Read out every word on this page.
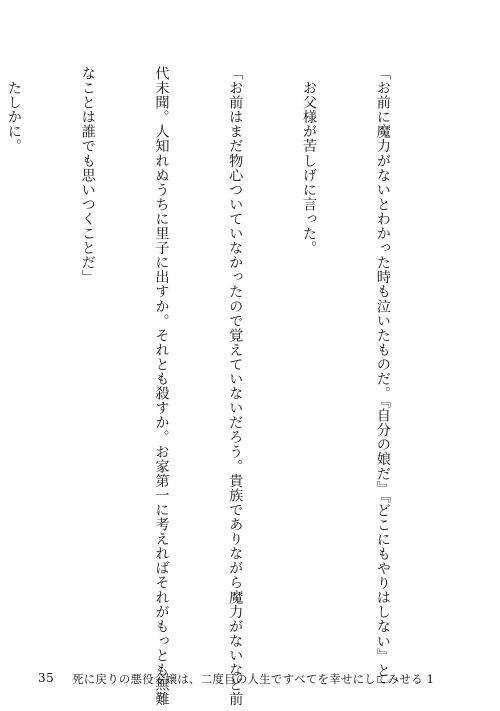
「お前に魔力がないとわかった時も泣いたものだ。『自分の娘だ』『どこにもやりはしない』と」

　お父様が苦しげに言った。

「お前はまだ物心ついていなかったので覚えていないだろう。貴族でありながら魔力がないなど前

代未聞。人知れぬうちに里子に出すか。それとも殺すか。お家第一に考えればそれがもっとも無難

なことは誰でも思いつくことだ」

　たしかに。

35 死に戻りの悪役令嬢は、二度目の人生ですべてを幸せにしてみせる 1
